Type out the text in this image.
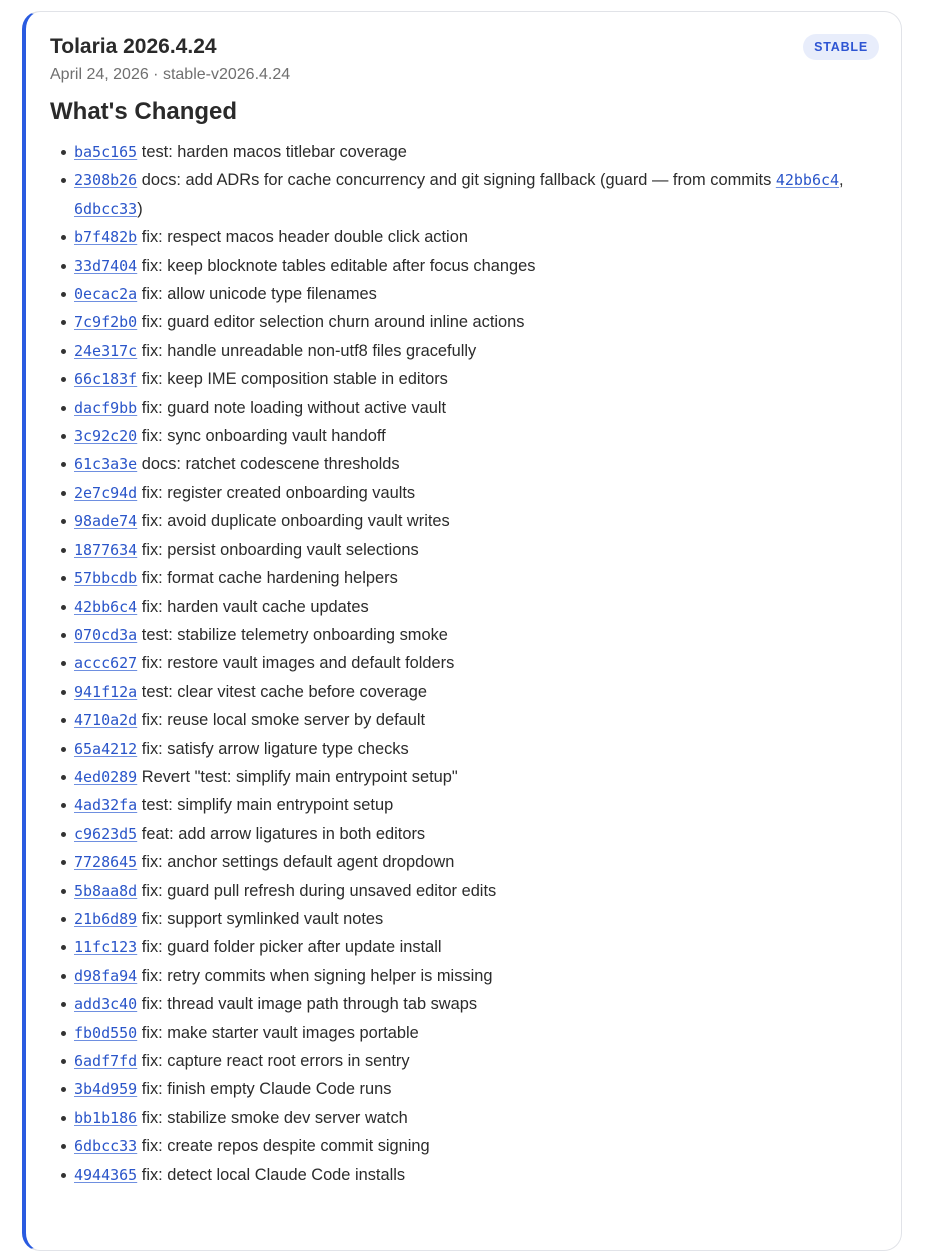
Tolaria 2026.4.24
April 24, 2026 · stable-v2026.4.24
STABLE
What's Changed
ba5c165 test: harden macos titlebar coverage
2308b26 docs: add ADRs for cache concurrency and git signing fallback (guard — from commits 42bb6c4, 6dbcc33)
b7f482b fix: respect macos header double click action
33d7404 fix: keep blocknote tables editable after focus changes
0ecac2a fix: allow unicode type filenames
7c9f2b0 fix: guard editor selection churn around inline actions
24e317c fix: handle unreadable non-utf8 files gracefully
66c183f fix: keep IME composition stable in editors
dacf9bb fix: guard note loading without active vault
3c92c20 fix: sync onboarding vault handoff
61c3a3e docs: ratchet codescene thresholds
2e7c94d fix: register created onboarding vaults
98ade74 fix: avoid duplicate onboarding vault writes
1877634 fix: persist onboarding vault selections
57bbcdb fix: format cache hardening helpers
42bb6c4 fix: harden vault cache updates
070cd3a test: stabilize telemetry onboarding smoke
accc627 fix: restore vault images and default folders
941f12a test: clear vitest cache before coverage
4710a2d fix: reuse local smoke server by default
65a4212 fix: satisfy arrow ligature type checks
4ed0289 Revert "test: simplify main entrypoint setup"
4ad32fa test: simplify main entrypoint setup
c9623d5 feat: add arrow ligatures in both editors
7728645 fix: anchor settings default agent dropdown
5b8aa8d fix: guard pull refresh during unsaved editor edits
21b6d89 fix: support symlinked vault notes
11fc123 fix: guard folder picker after update install
d98fa94 fix: retry commits when signing helper is missing
add3c40 fix: thread vault image path through tab swaps
fb0d550 fix: make starter vault images portable
6adf7fd fix: capture react root errors in sentry
3b4d959 fix: finish empty Claude Code runs
bb1b186 fix: stabilize smoke dev server watch
6dbcc33 fix: create repos despite commit signing
4944365 fix: detect local Claude Code installs
